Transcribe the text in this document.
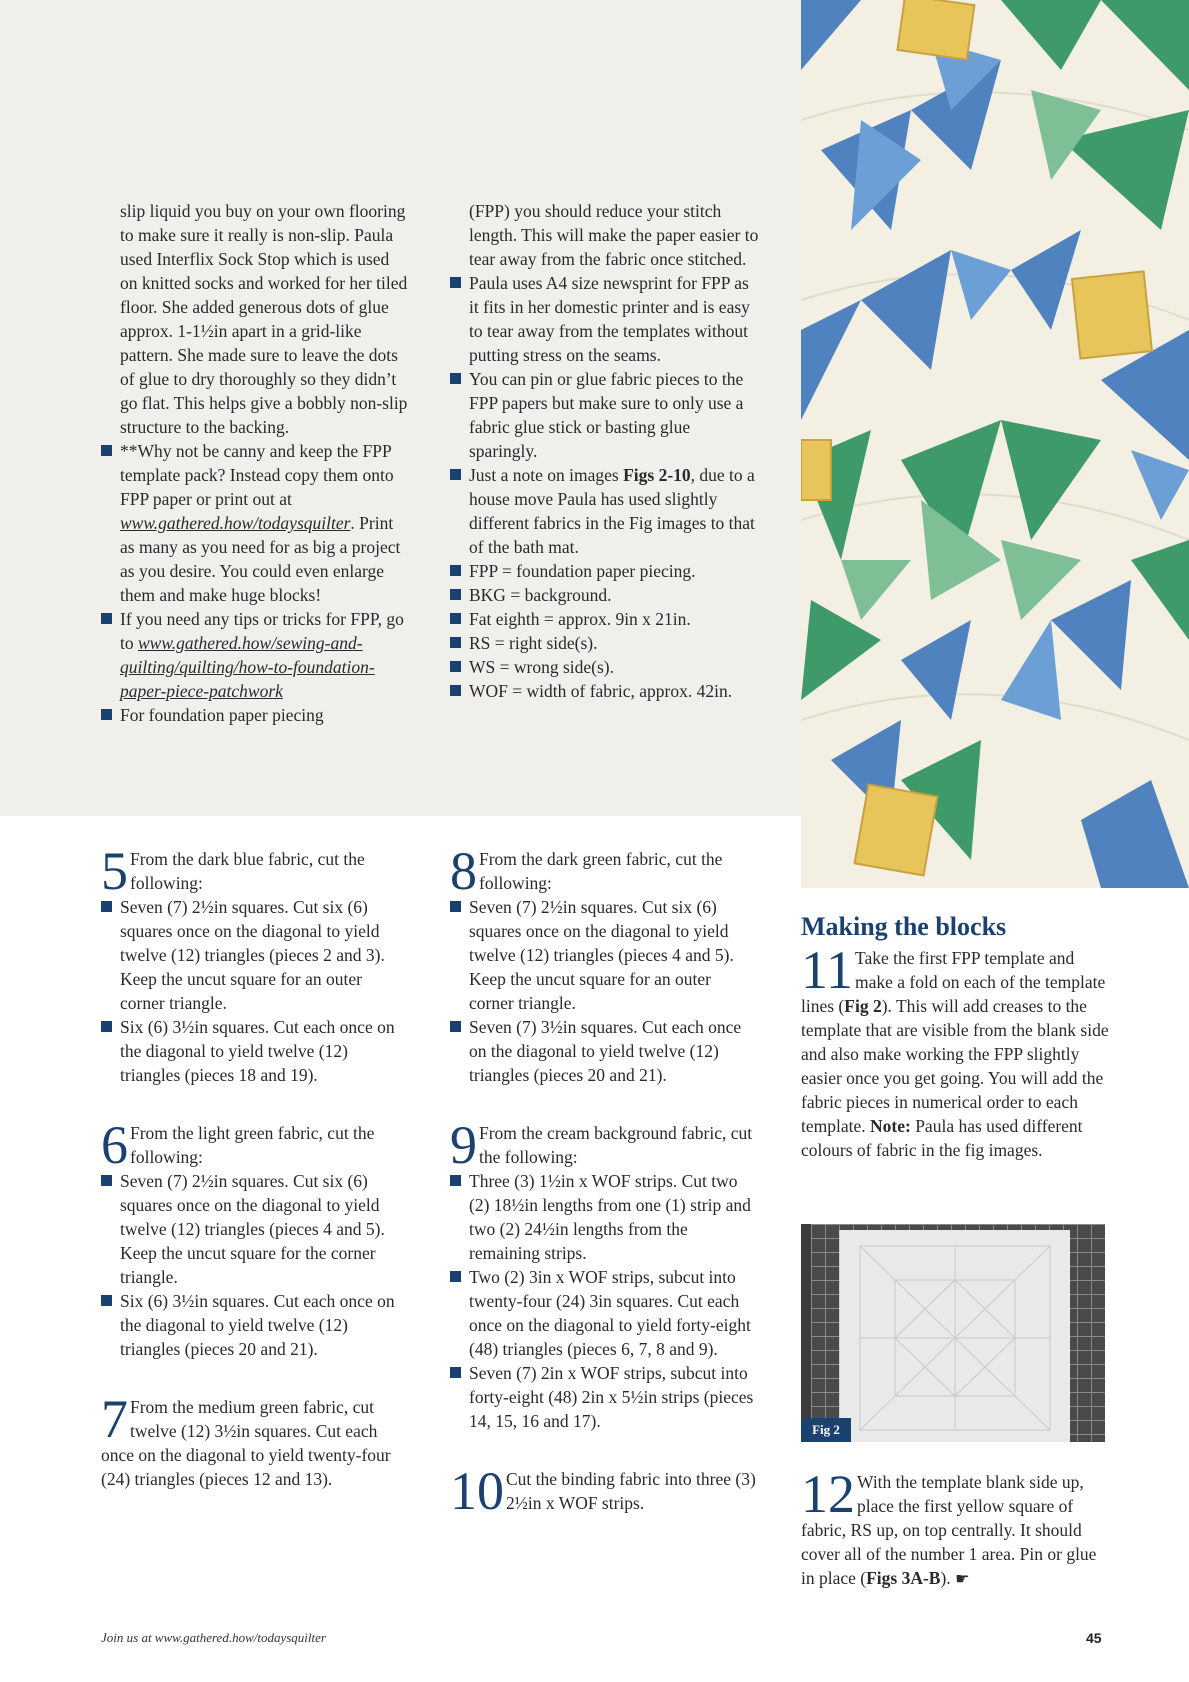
slip liquid you buy on your own flooring to make sure it really is non-slip. Paula used Interflix Sock Stop which is used on knitted socks and worked for her tiled floor. She added generous dots of glue approx. 1-1½in apart in a grid-like pattern. She made sure to leave the dots of glue to dry thoroughly so they didn’t go flat. This helps give a bobbly non-slip structure to the backing.

**Why not be canny and keep the FPP template pack? Instead copy them onto FPP paper or print out at www.gathered.how/todaysquilter. Print as many as you need for as big a project as you desire. You could even enlarge them and make huge blocks!

If you need any tips or tricks for FPP, go to www.gathered.how/sewing-and-quilting/quilting/how-to-foundation-paper-piece-patchwork

For foundation paper piecing

(FPP) you should reduce your stitch length. This will make the paper easier to tear away from the fabric once stitched.

Paula uses A4 size newsprint for FPP as it fits in her domestic printer and is easy to tear away from the templates without putting stress on the seams.

You can pin or glue fabric pieces to the FPP papers but make sure to only use a fabric glue stick or basting glue sparingly.

Just a note on images Figs 2-10, due to a house move Paula has used slightly different fabrics in the Fig images to that of the bath mat.

FPP = foundation paper piecing.

BKG = background.

Fat eighth = approx. 9in x 21in.

RS = right side(s).

WS = wrong side(s).

WOF = width of fabric, approx. 42in.

5 From the dark blue fabric, cut the following:

Seven (7) 2½in squares. Cut six (6) squares once on the diagonal to yield twelve (12) triangles (pieces 2 and 3). Keep the uncut square for an outer corner triangle.

Six (6) 3½in squares. Cut each once on the diagonal to yield twelve (12) triangles (pieces 18 and 19).

6 From the light green fabric, cut the following:

Seven (7) 2½in squares. Cut six (6) squares once on the diagonal to yield twelve (12) triangles (pieces 4 and 5). Keep the uncut square for the corner triangle.

Six (6) 3½in squares. Cut each once on the diagonal to yield twelve (12) triangles (pieces 20 and 21).

7 From the medium green fabric, cut twelve (12) 3½in squares. Cut each once on the diagonal to yield twenty-four (24) triangles (pieces 12 and 13).
8 From the dark green fabric, cut the following:

Seven (7) 2½in squares. Cut six (6) squares once on the diagonal to yield twelve (12) triangles (pieces 4 and 5). Keep the uncut square for an outer corner triangle.

Seven (7) 3½in squares. Cut each once on the diagonal to yield twelve (12) triangles (pieces 20 and 21).

9 From the cream background fabric, cut the following:

Three (3) 1½in x WOF strips. Cut two (2) 18½in lengths from one (1) strip and two (2) 24½in lengths from the remaining strips.

Two (2) 3in x WOF strips, subcut into twenty-four (24) 3in squares. Cut each once on the diagonal to yield forty-eight (48) triangles (pieces 6, 7, 8 and 9).

Seven (7) 2in x WOF strips, subcut into forty-eight (48) 2in x 5½in strips (pieces 14, 15, 16 and 17).

10 Cut the binding fabric into three (3) 2½in x WOF strips.
Making the blocks

11 Take the first FPP template and make a fold on each of the template lines (Fig 2). This will add creases to the template that are visible from the blank side and also make working the FPP slightly easier once you get going. You will add the fabric pieces in numerical order to each template. Note: Paula has used different colours of fabric in the fig images.

Fig 2

12 With the template blank side up, place the first yellow square of fabric, RS up, on top centrally. It should cover all of the number 1 area. Pin or glue in place (Figs 3A-B). ☛

Join us at www.gathered.how/todaysquilter	45
